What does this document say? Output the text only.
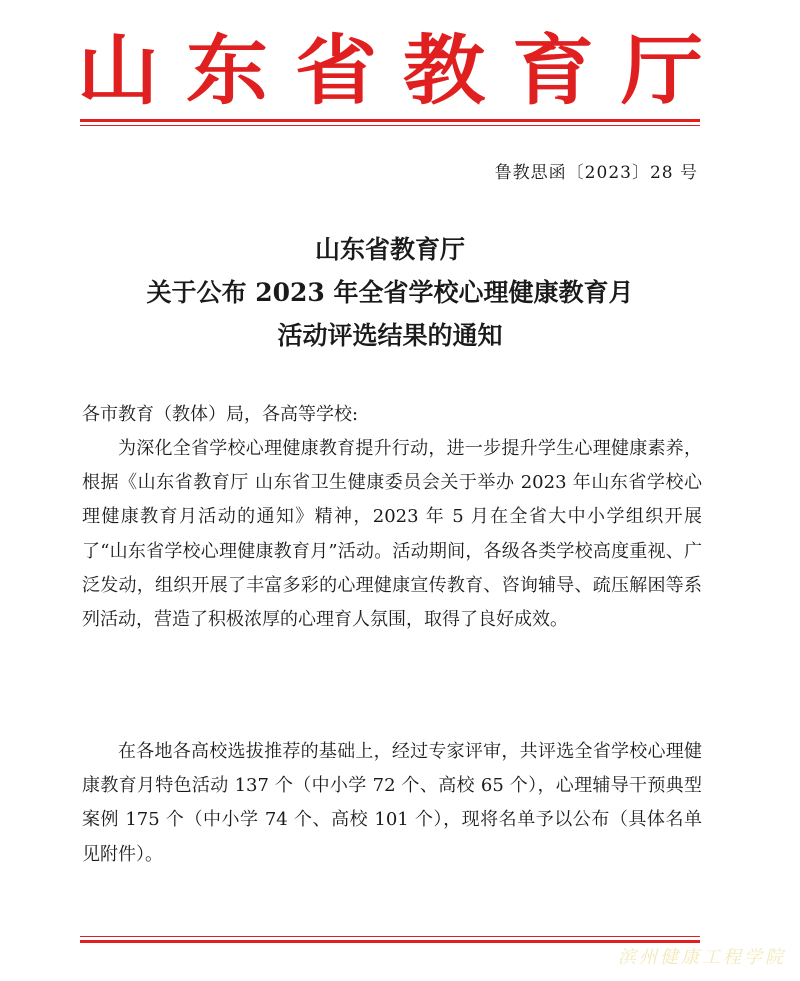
山 东 省 教 育 厅
鲁教思函〔2023〕28 号
山东省教育厅
关于公布 2023 年全省学校心理健康教育月
活动评选结果的通知
各市教育（教体）局，各高等学校:
为深化全省学校心理健康教育提升行动，进一步提升学生心理健康素养，根据《山东省教育厅 山东省卫生健康委员会关于举办 2023 年山东省学校心理健康教育月活动的通知》精神，2023 年 5 月在全省大中小学组织开展了“山东省学校心理健康教育月”活动。活动期间，各级各类学校高度重视、广泛发动，组织开展了丰富多彩的心理健康宣传教育、咨询辅导、疏压解困等系列活动，营造了积极浓厚的心理育人氛围，取得了良好成效。
在各地各高校选拔推荐的基础上，经过专家评审，共评选全省学校心理健康教育月特色活动 137 个（中小学 72 个、高校 65 个），心理辅导干预典型案例 175 个（中小学 74 个、高校 101 个），现将名单予以公布（具体名单见附件）。
滨州健康工程学院
